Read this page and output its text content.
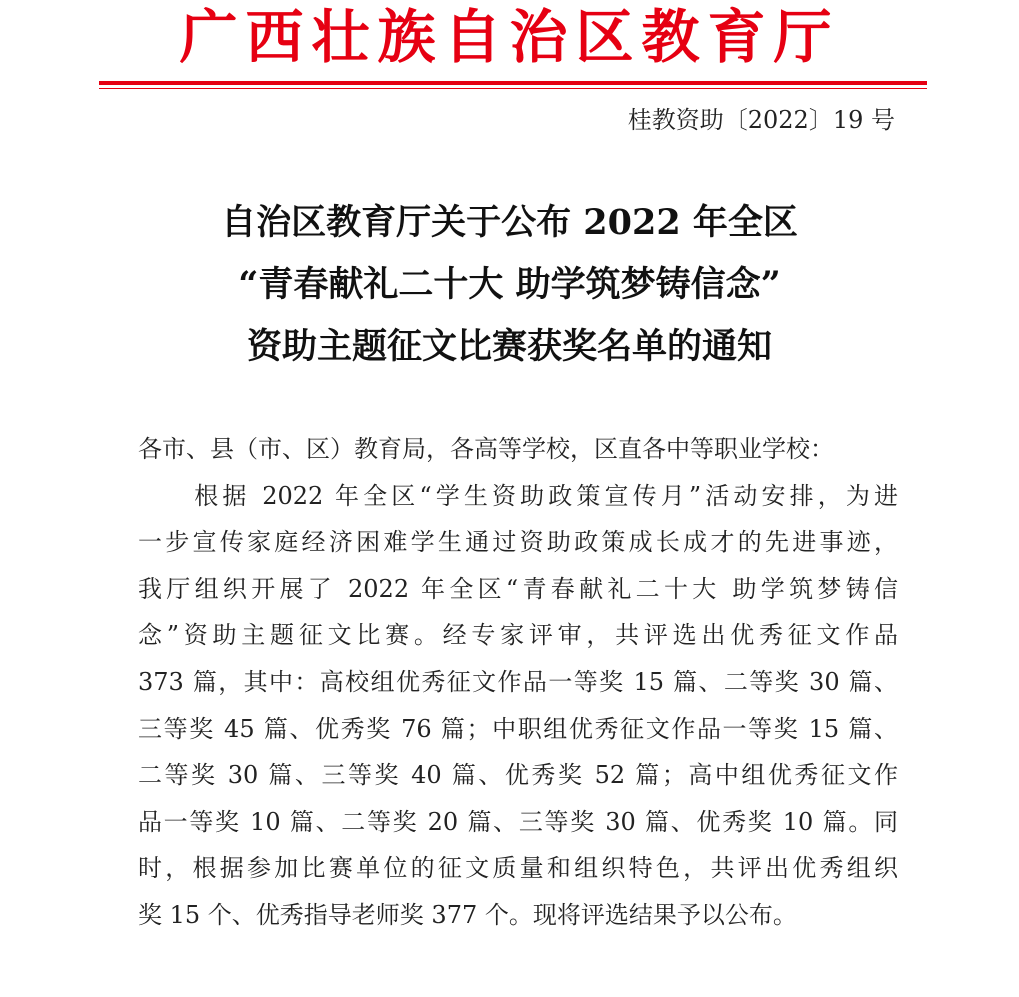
广西壮族自治区教育厅
桂教资助〔2022〕19 号
自治区教育厅关于公布 2022 年全区
“青春献礼二十大 助学筑梦铸信念”
资助主题征文比赛获奖名单的通知
各市、县（市、区）教育局，各高等学校，区直各中等职业学校：
　　根据 2022 年全区“学生资助政策宣传月”活动安排，为进
一步宣传家庭经济困难学生通过资助政策成长成才的先进事迹，
我厅组织开展了 2022 年全区“青春献礼二十大 助学筑梦铸信
念”资助主题征文比赛。经专家评审，共评选出优秀征文作品
373 篇，其中：高校组优秀征文作品一等奖 15 篇、二等奖 30 篇、
三等奖 45 篇、优秀奖 76 篇；中职组优秀征文作品一等奖 15 篇、
二等奖 30 篇、三等奖 40 篇、优秀奖 52 篇；高中组优秀征文作
品一等奖 10 篇、二等奖 20 篇、三等奖 30 篇、优秀奖 10 篇。同
时，根据参加比赛单位的征文质量和组织特色，共评出优秀组织
奖 15 个、优秀指导老师奖 377 个。现将评选结果予以公布。
